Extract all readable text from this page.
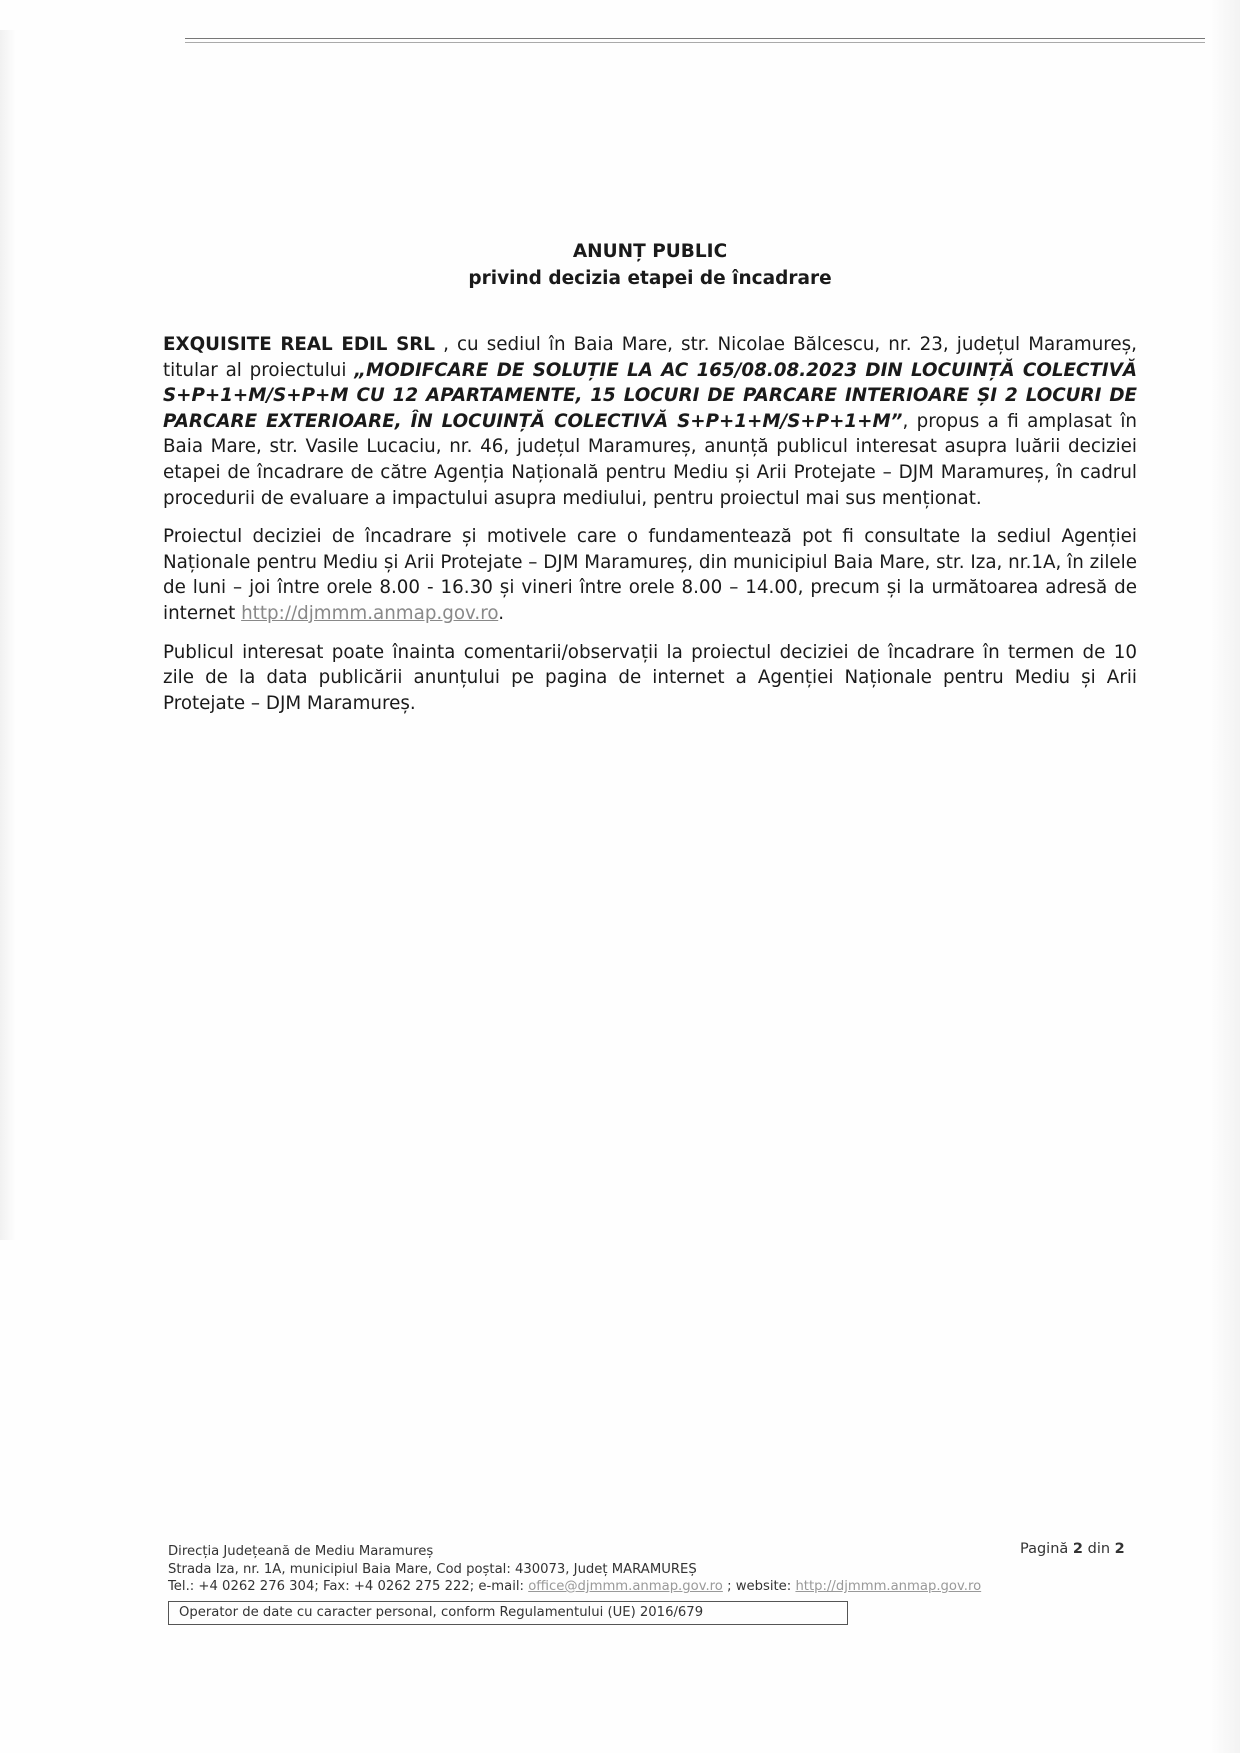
ANUNȚ PUBLIC
privind decizia etapei de încadrare

EXQUISITE REAL EDIL SRL , cu sediul în Baia Mare, str. Nicolae Bălcescu, nr. 23, județul Maramureș, titular al proiectului „MODIFCARE DE SOLUȚIE LA AC 165/08.08.2023 DIN LOCUINȚĂ COLECTIVĂ S+P+1+M/S+P+M CU 12 APARTAMENTE, 15 LOCURI DE PARCARE INTERIOARE ȘI 2 LOCURI DE PARCARE EXTERIOARE, ÎN LOCUINȚĂ COLECTIVĂ S+P+1+M/S+P+1+M”, propus a fi amplasat în Baia Mare, str. Vasile Lucaciu, nr. 46, județul Maramureș, anunță publicul interesat asupra luării deciziei etapei de încadrare de către Agenția Națională pentru Mediu și Arii Protejate – DJM Maramureș, în cadrul procedurii de evaluare a impactului asupra mediului, pentru proiectul mai sus menționat.

Proiectul deciziei de încadrare și motivele care o fundamentează pot fi consultate la sediul Agenției Naționale pentru Mediu și Arii Protejate – DJM Maramureș, din municipiul Baia Mare, str. Iza, nr.1A, în zilele de luni – joi între orele 8.00 - 16.30 și vineri între orele 8.00 – 14.00, precum și la următoarea adresă de internet http://djmmm.anmap.gov.ro.

Publicul interesat poate înainta comentarii/observații la proiectul deciziei de încadrare în termen de 10 zile de la data publicării anunțului pe pagina de internet a Agenției Naționale pentru Mediu și Arii Protejate – DJM Maramureș.

Pagină 2 din 2
Direcția Județeană de Mediu Maramureș
Strada Iza, nr. 1A, municipiul Baia Mare, Cod poștal: 430073, Județ MARAMUREȘ
Tel.: +4 0262 276 304; Fax: +4 0262 275 222; e-mail: office@djmmm.anmap.gov.ro ; website: http://djmmm.anmap.gov.ro
Operator de date cu caracter personal, conform Regulamentului (UE) 2016/679
